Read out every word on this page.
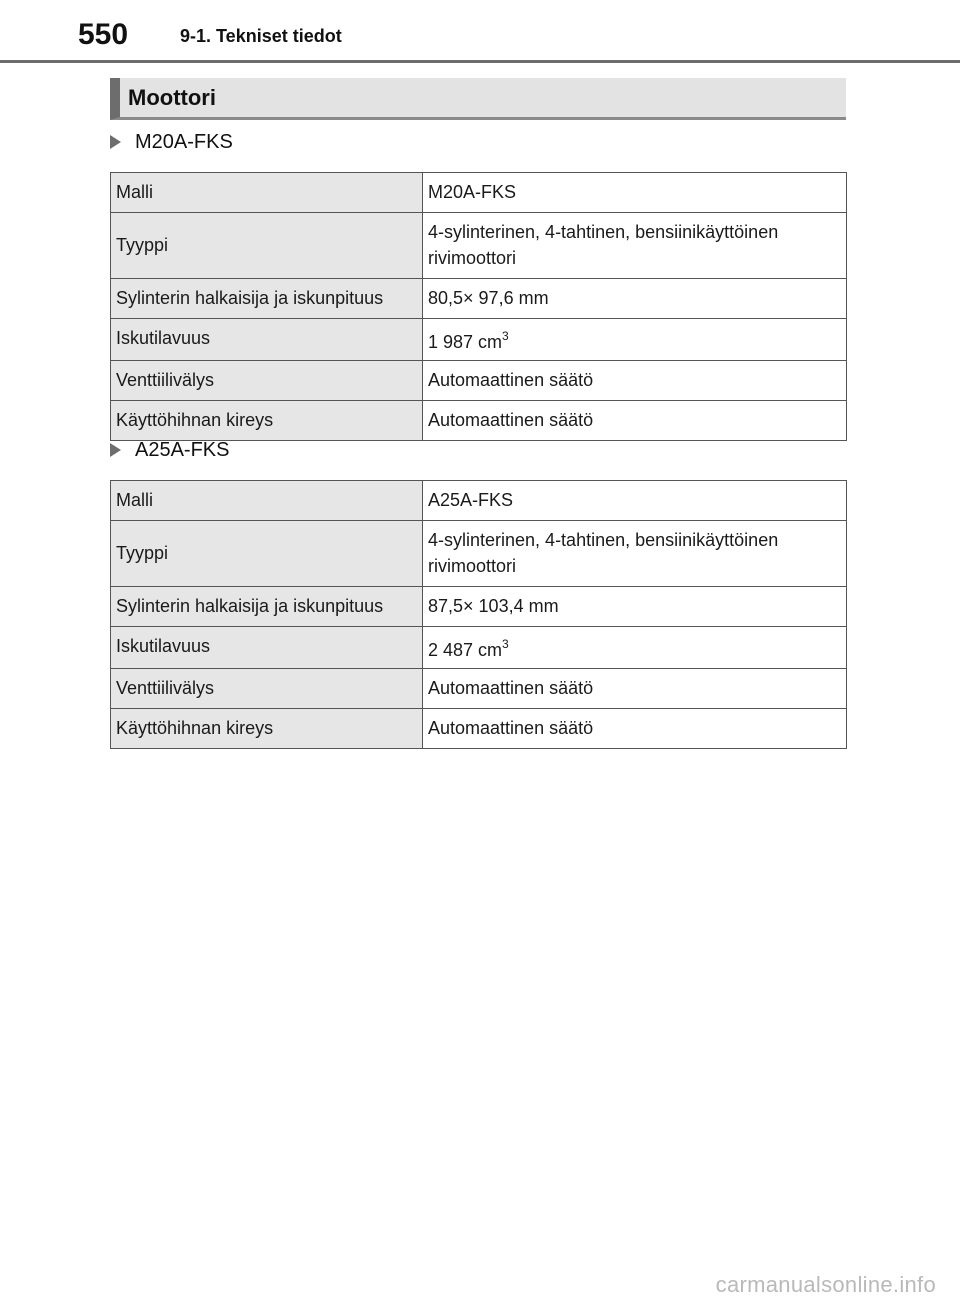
550	9-1. Tekniset tiedot
Moottori
M20A-FKS
Malli	M20A-FKS
Tyyppi	4-sylinterinen, 4-tahtinen, bensiinikäyttöinen rivimoottori
Sylinterin halkaisija ja iskunpituus	80,5× 97,6 mm
Iskutilavuus	1 987 $cm^3$
Venttiilivälys	Automaattinen säätö
Käyttöhihnan kireys	Automaattinen säätö
A25A-FKS
Malli	A25A-FKS
Tyyppi	4-sylinterinen, 4-tahtinen, bensiinikäyttöinen rivimoottori
Sylinterin halkaisija ja iskunpituus	87,5× 103,4 mm
Iskutilavuus	2 487 $cm^3$
Venttiilivälys	Automaattinen säätö
Käyttöhihnan kireys	Automaattinen säätö
carmanualsonline.info
